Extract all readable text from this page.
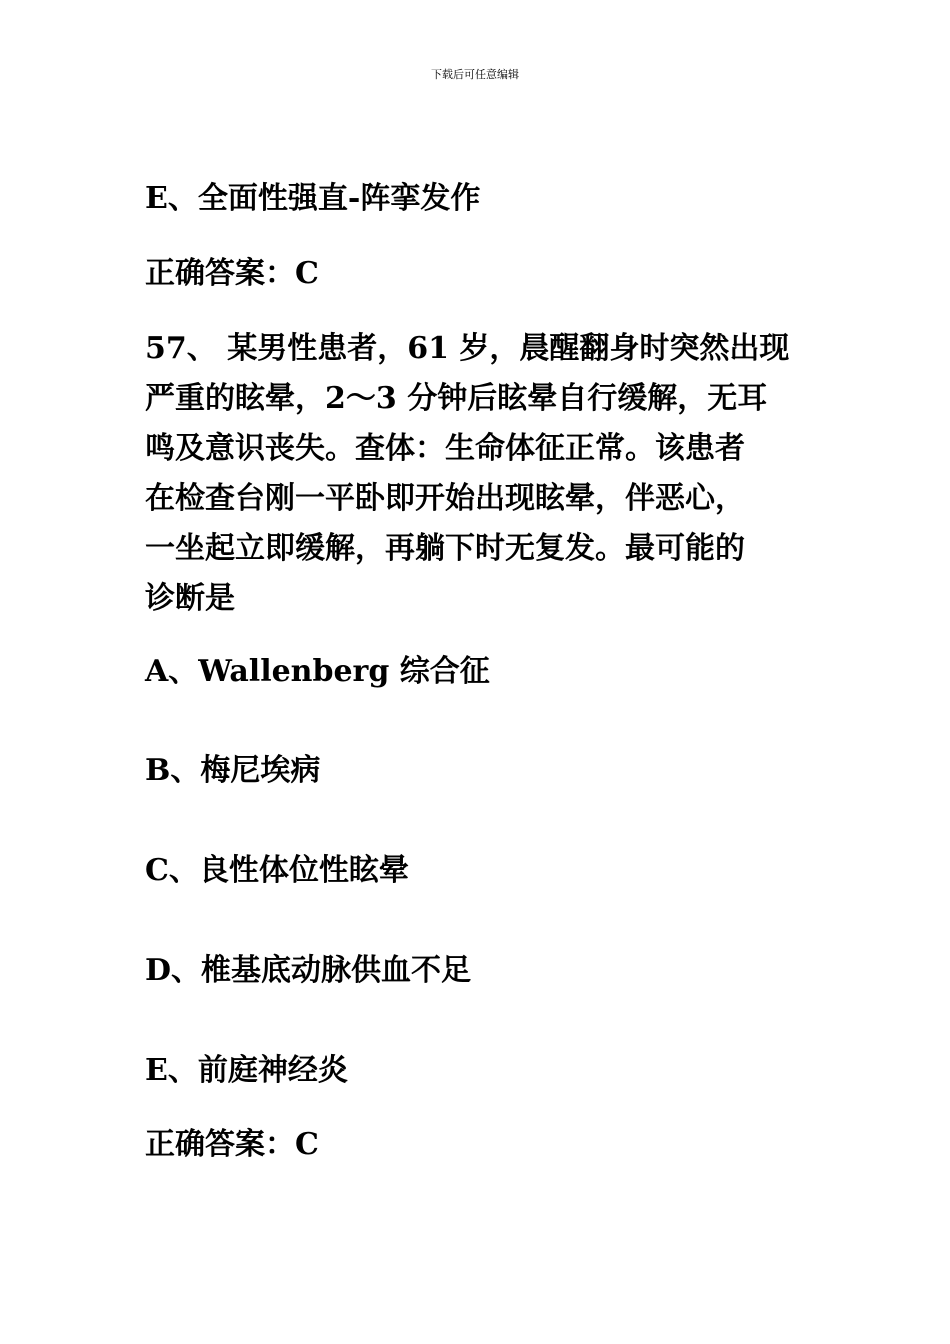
下载后可任意编辑
E、全面性强直-阵挛发作
正确答案：C
57、 某男性患者，61 岁，晨醒翻身时突然出现
严重的眩晕，2～3 分钟后眩晕自行缓解，无耳
鸣及意识丧失。查体：生命体征正常。该患者
在检查台刚一平卧即开始出现眩晕，伴恶心，
一坐起立即缓解，再躺下时无复发。最可能的
诊断是
A、Wallenberg 综合征
B、梅尼埃病
C、良性体位性眩晕
D、椎基底动脉供血不足
E、前庭神经炎
正确答案：C
